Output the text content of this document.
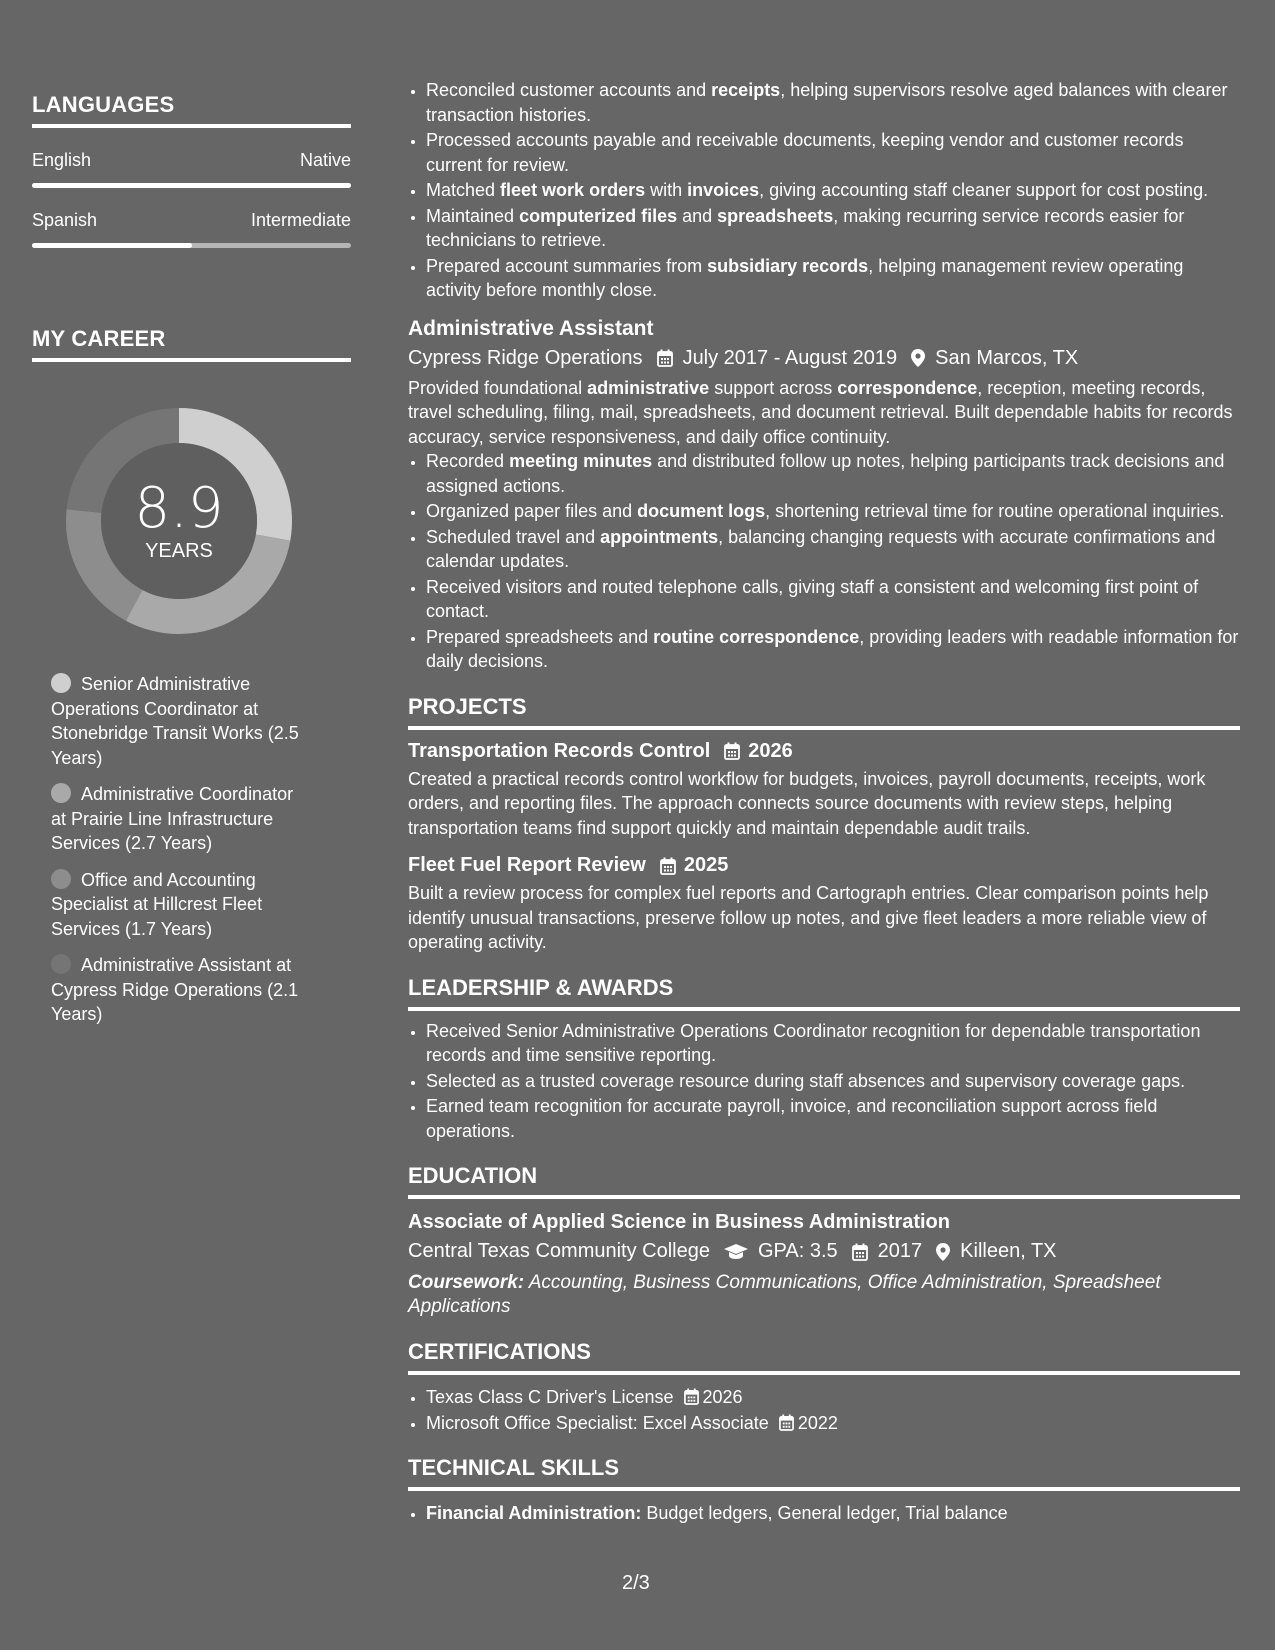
LANGUAGES
English	Native
Spanish	Intermediate
MY CAREER
8.9
YEARS
Senior Administrative Operations Coordinator at Stonebridge Transit Works (2.5 Years)
Administrative Coordinator at Prairie Line Infrastructure Services (2.7 Years)
Office and Accounting Specialist at Hillcrest Fleet Services (1.7 Years)
Administrative Assistant at Cypress Ridge Operations (2.1 Years)
• Reconciled customer accounts and receipts, helping supervisors resolve aged balances with clearer transaction histories.
• Processed accounts payable and receivable documents, keeping vendor and customer records current for review.
• Matched fleet work orders with invoices, giving accounting staff cleaner support for cost posting.
• Maintained computerized files and spreadsheets, making recurring service records easier for technicians to retrieve.
• Prepared account summaries from subsidiary records, helping management review operating activity before monthly close.
Administrative Assistant
Cypress Ridge Operations July 2017 - August 2019 San Marcos, TX
Provided foundational administrative support across correspondence, reception, meeting records, travel scheduling, filing, mail, spreadsheets, and document retrieval. Built dependable habits for records accuracy, service responsiveness, and daily office continuity.
• Recorded meeting minutes and distributed follow up notes, helping participants track decisions and assigned actions.
• Organized paper files and document logs, shortening retrieval time for routine operational inquiries.
• Scheduled travel and appointments, balancing changing requests with accurate confirmations and calendar updates.
• Received visitors and routed telephone calls, giving staff a consistent and welcoming first point of contact.
• Prepared spreadsheets and routine correspondence, providing leaders with readable information for daily decisions.
PROJECTS
Transportation Records Control 2026
Created a practical records control workflow for budgets, invoices, payroll documents, receipts, work orders, and reporting files. The approach connects source documents with review steps, helping transportation teams find support quickly and maintain dependable audit trails.
Fleet Fuel Report Review 2025
Built a review process for complex fuel reports and Cartograph entries. Clear comparison points help identify unusual transactions, preserve follow up notes, and give fleet leaders a more reliable view of operating activity.
LEADERSHIP & AWARDS
• Received Senior Administrative Operations Coordinator recognition for dependable transportation records and time sensitive reporting.
• Selected as a trusted coverage resource during staff absences and supervisory coverage gaps.
• Earned team recognition for accurate payroll, invoice, and reconciliation support across field operations.
EDUCATION
Associate of Applied Science in Business Administration
Central Texas Community College GPA: 3.5 2017 Killeen, TX
Coursework: Accounting, Business Communications, Office Administration, Spreadsheet Applications
CERTIFICATIONS
• Texas Class C Driver's License 2026
• Microsoft Office Specialist: Excel Associate 2022
TECHNICAL SKILLS
• Financial Administration: Budget ledgers, General ledger, Trial balance
2/3
